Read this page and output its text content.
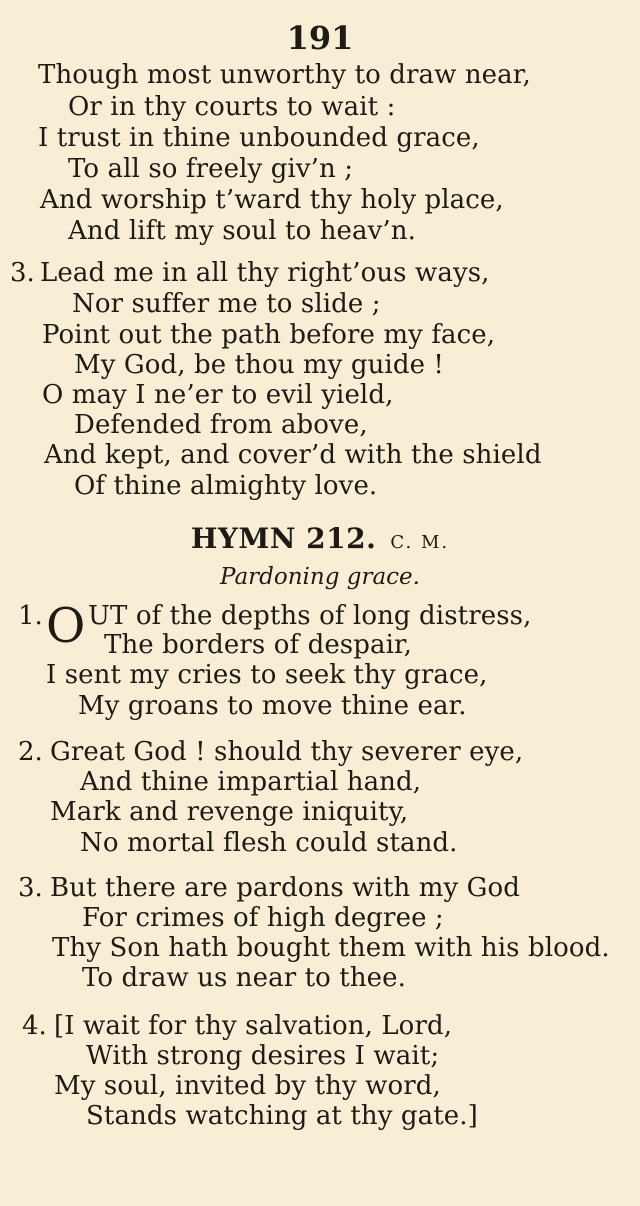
191
Though most unworthy to draw near,
Or in thy courts to wait :
I trust in thine unbounded grace,
To all so freely giv’n ;
And worship t’ward thy holy place,
And lift my soul to heav’n.
3. Lead me in all thy right’ous ways,
Nor suffer me to slide ;
Point out the path before my face,
My God, be thou my guide !
O may I ne’er to evil yield,
Defended from above,
And kept, and cover’d with the shield
Of thine almighty love.
HYMN 212. C. M.
Pardoning grace.
1. O UT of the depths of long distress,
The borders of despair,
I sent my cries to seek thy grace,
My groans to move thine ear.
2. Great God ! should thy severer eye,
And thine impartial hand,
Mark and revenge iniquity,
No mortal flesh could stand.
3. But there are pardons with my God
For crimes of high degree ;
Thy Son hath bought them with his blood.
To draw us near to thee.
4. [I wait for thy salvation, Lord,
With strong desires I wait;
My soul, invited by thy word,
Stands watching at thy gate.]
